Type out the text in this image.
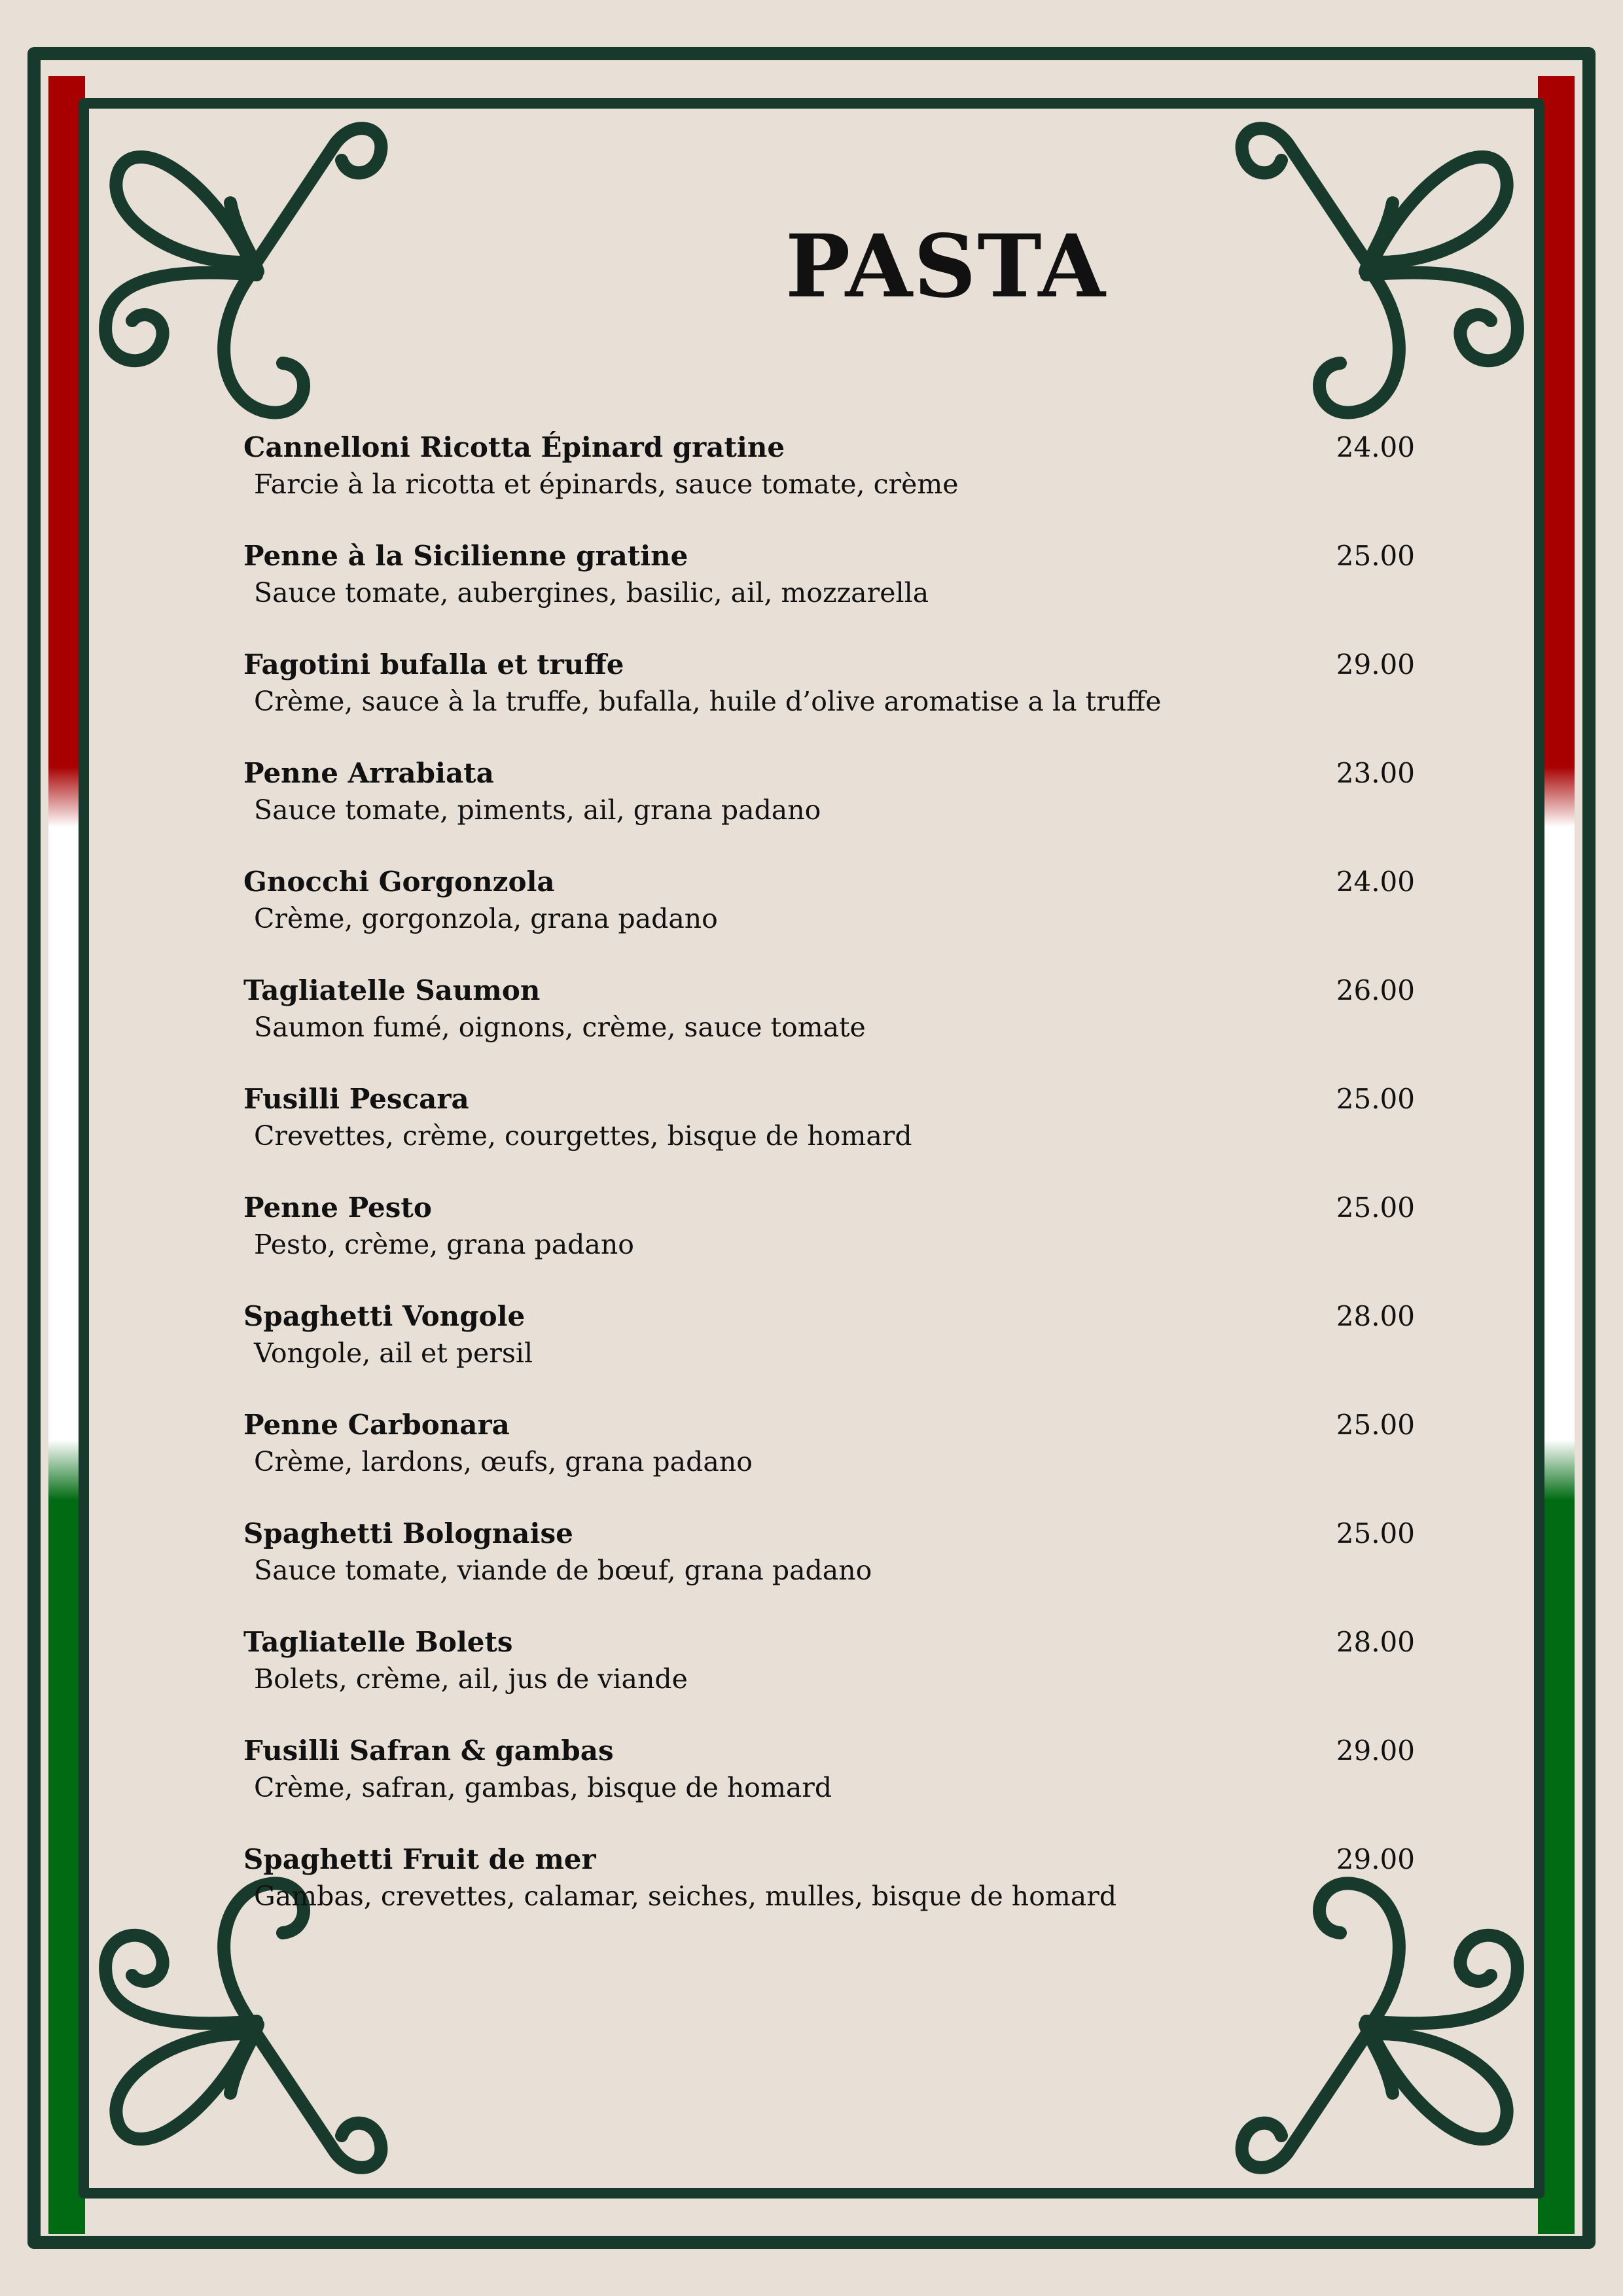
PASTA
Cannelloni Ricotta Épinard gratine
Farcie à la ricotta et épinards, sauce tomate, crème
24.00
Penne à la Sicilienne gratine
Sauce tomate, aubergines, basilic, ail, mozzarella
25.00
Fagotini bufalla et truffe
Crème, sauce à la truffe, bufalla, huile d’olive aromatise a la truffe
29.00
Penne Arrabiata
Sauce tomate, piments, ail, grana padano
23.00
Gnocchi Gorgonzola
Crème, gorgonzola, grana padano
24.00
Tagliatelle Saumon
Saumon fumé, oignons, crème, sauce tomate
26.00
Fusilli Pescara
Crevettes, crème, courgettes, bisque de homard
25.00
Penne Pesto
Pesto, crème, grana padano
25.00
Spaghetti Vongole
Vongole, ail et persil
28.00
Penne Carbonara
Crème, lardons, œufs, grana padano
25.00
Spaghetti Bolognaise
Sauce tomate, viande de bœuf, grana padano
25.00
Tagliatelle Bolets
Bolets, crème, ail, jus de viande
28.00
Fusilli Safran & gambas
Crème, safran, gambas, bisque de homard
29.00
Spaghetti Fruit de mer
Gambas, crevettes, calamar, seiches, mulles, bisque de homard
29.00
